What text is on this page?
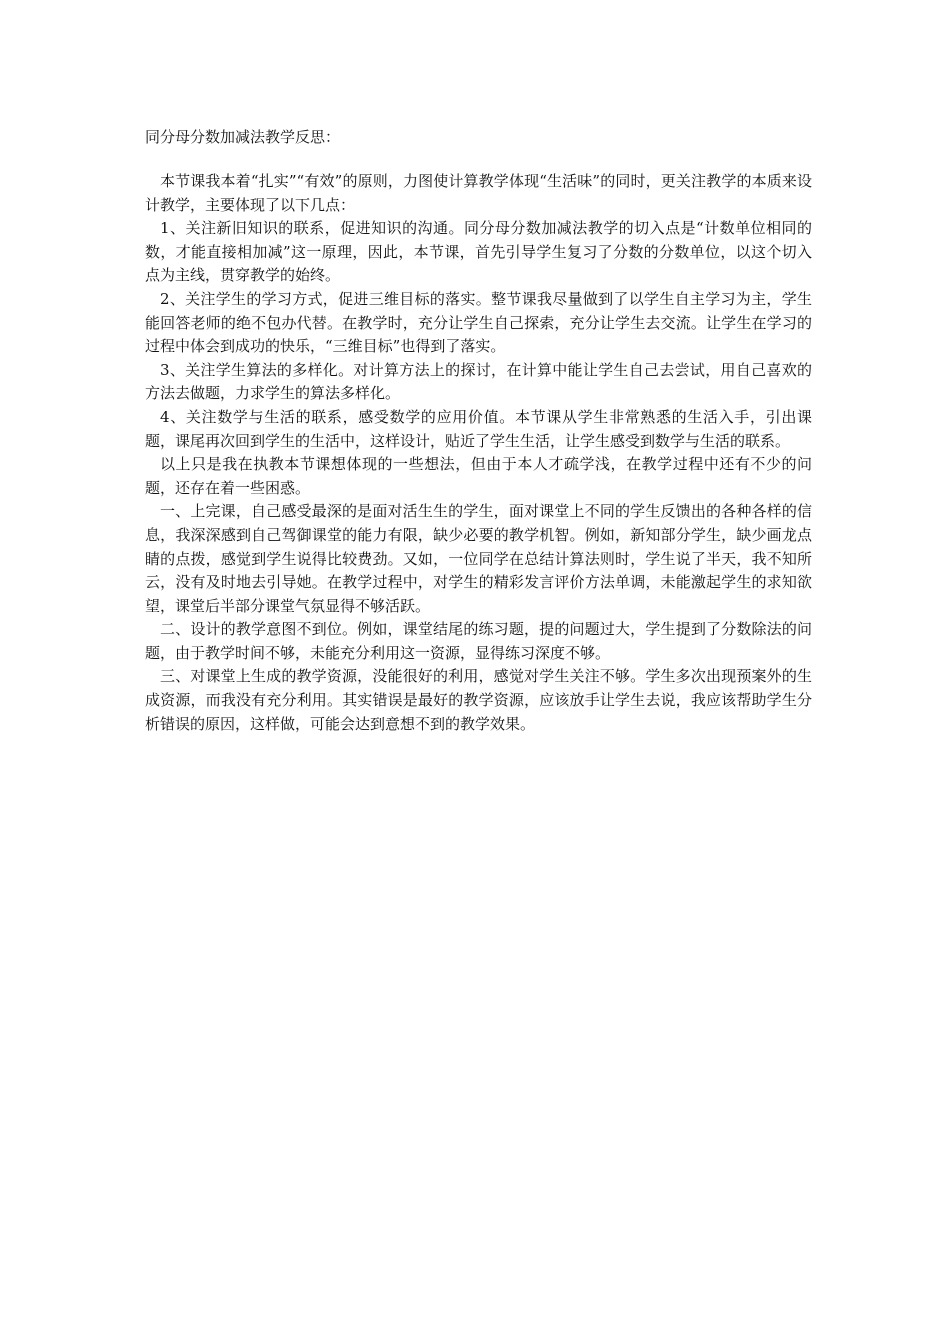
同分母分数加减法教学反思：

本节课我本着“扎实”“有效”的原则，力图使计算教学体现“生活味”的同时，更关注教学的本质来设计教学，主要体现了以下几点：

1、关注新旧知识的联系，促进知识的沟通。同分母分数加减法教学的切入点是“计数单位相同的数，才能直接相加减”这一原理，因此，本节课，首先引导学生复习了分数的分数单位，以这个切入点为主线，贯穿教学的始终。

2、关注学生的学习方式，促进三维目标的落实。整节课我尽量做到了以学生自主学习为主，学生能回答老师的绝不包办代替。在教学时，充分让学生自己探索，充分让学生去交流。让学生在学习的过程中体会到成功的快乐，“三维目标”也得到了落实。

3、关注学生算法的多样化。对计算方法上的探讨，在计算中能让学生自己去尝试，用自己喜欢的方法去做题，力求学生的算法多样化。

4、关注数学与生活的联系，感受数学的应用价值。本节课从学生非常熟悉的生活入手，引出课题，课尾再次回到学生的生活中，这样设计，贴近了学生生活，让学生感受到数学与生活的联系。

以上只是我在执教本节课想体现的一些想法，但由于本人才疏学浅，在教学过程中还有不少的问题，还存在着一些困惑。

一、上完课，自己感受最深的是面对活生生的学生，面对课堂上不同的学生反馈出的各种各样的信息，我深深感到自己驾御课堂的能力有限，缺少必要的教学机智。例如，新知部分学生，缺少画龙点睛的点拨，感觉到学生说得比较费劲。又如，一位同学在总结计算法则时，学生说了半天，我不知所云，没有及时地去引导她。在教学过程中，对学生的精彩发言评价方法单调，未能激起学生的求知欲望，课堂后半部分课堂气氛显得不够活跃。

二、设计的教学意图不到位。例如，课堂结尾的练习题，提的问题过大，学生提到了分数除法的问题，由于教学时间不够，未能充分利用这一资源，显得练习深度不够。

三、对课堂上生成的教学资源，没能很好的利用，感觉对学生关注不够。学生多次出现预案外的生成资源，而我没有充分利用。其实错误是最好的教学资源，应该放手让学生去说，我应该帮助学生分析错误的原因，这样做，可能会达到意想不到的教学效果。
